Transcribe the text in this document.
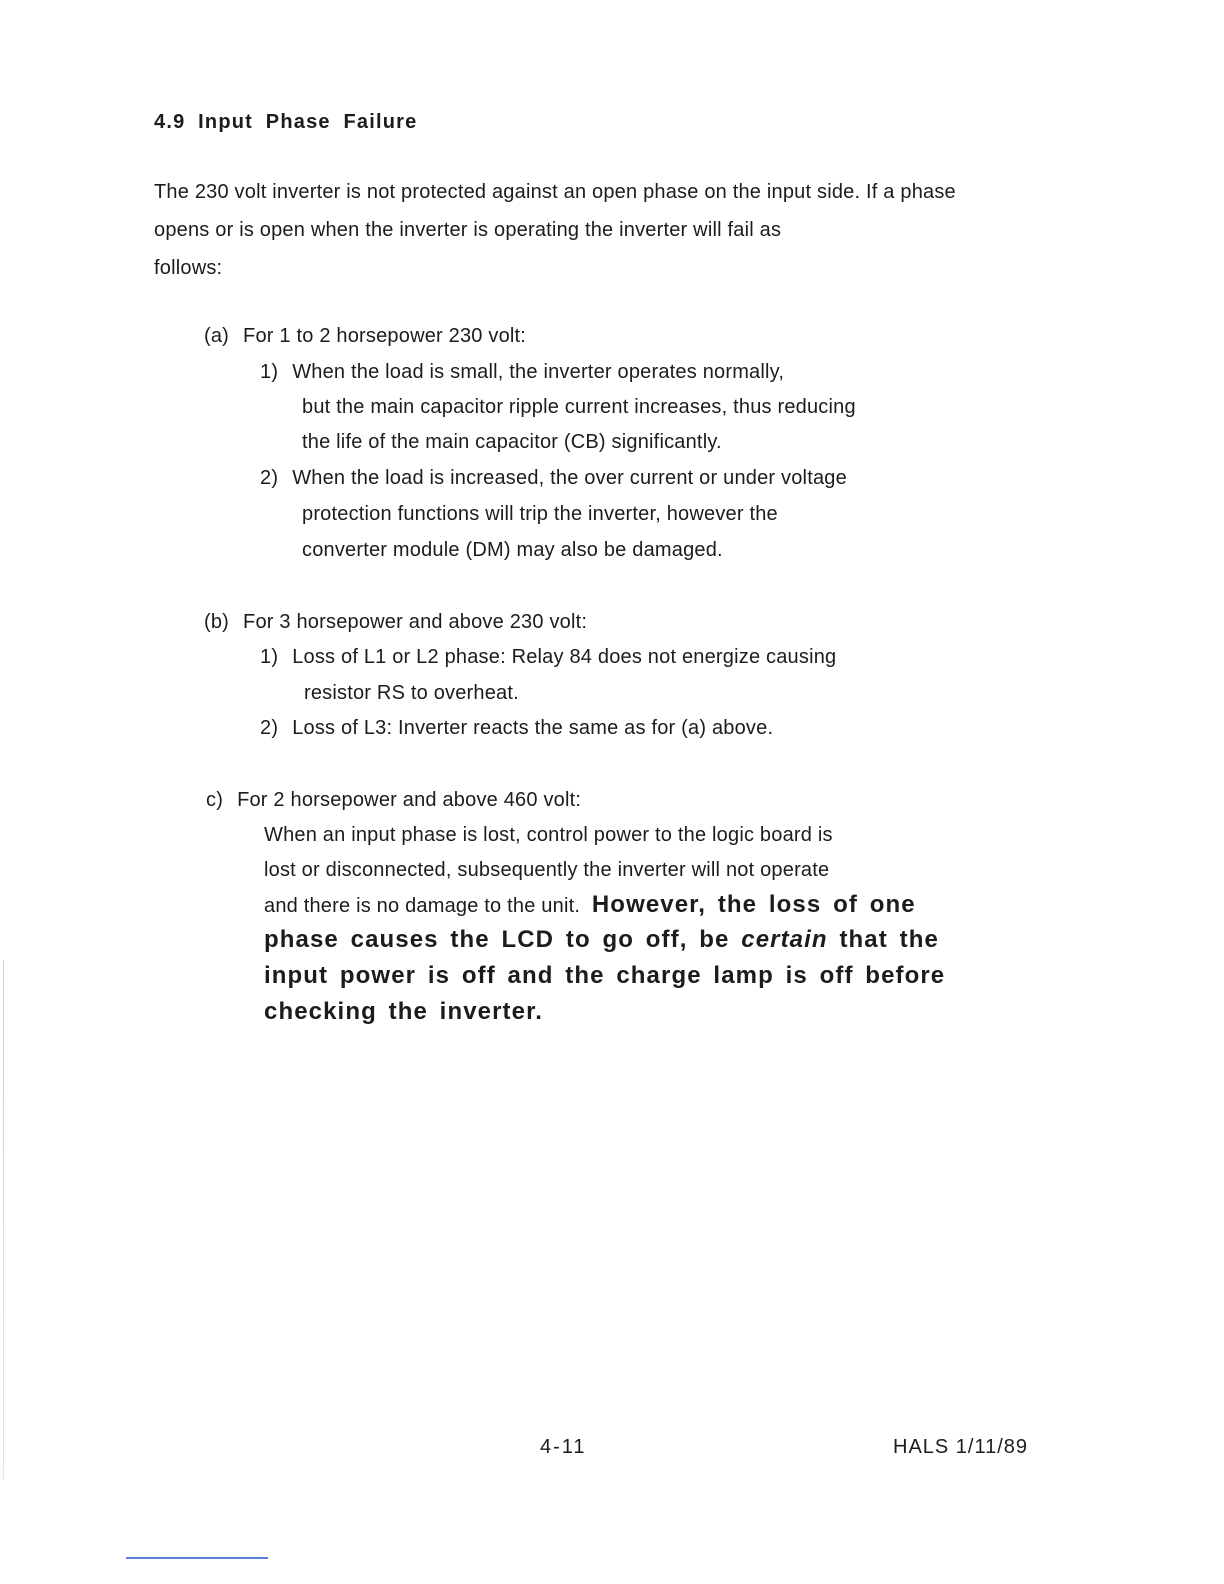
4.9 Input Phase Failure
The 230 volt inverter is not protected against an open phase on the input side. If a phase
opens or is open when the inverter is operating the inverter will fail as
follows:
(a) For 1 to 2 horsepower 230 volt:
1) When the load is small, the inverter operates normally,
but the main capacitor ripple current increases, thus reducing
the life of the main capacitor (CB) significantly.
2) When the load is increased, the over current or under voltage
protection functions will trip the inverter, however the
converter module (DM) may also be damaged.
(b) For 3 horsepower and above 230 volt:
1) Loss of L1 or L2 phase: Relay 84 does not energize causing
resistor RS to overheat.
2) Loss of L3: Inverter reacts the same as for (a) above.
c) For 2 horsepower and above 460 volt:
When an input phase is lost, control power to the logic board is
lost or disconnected, subsequently the inverter will not operate
and there is no damage to the unit. However, the loss of one
phase causes the LCD to go off, be certain that the
input power is off and the charge lamp is off before
checking the inverter.
4-11	HALS 1/11/89
